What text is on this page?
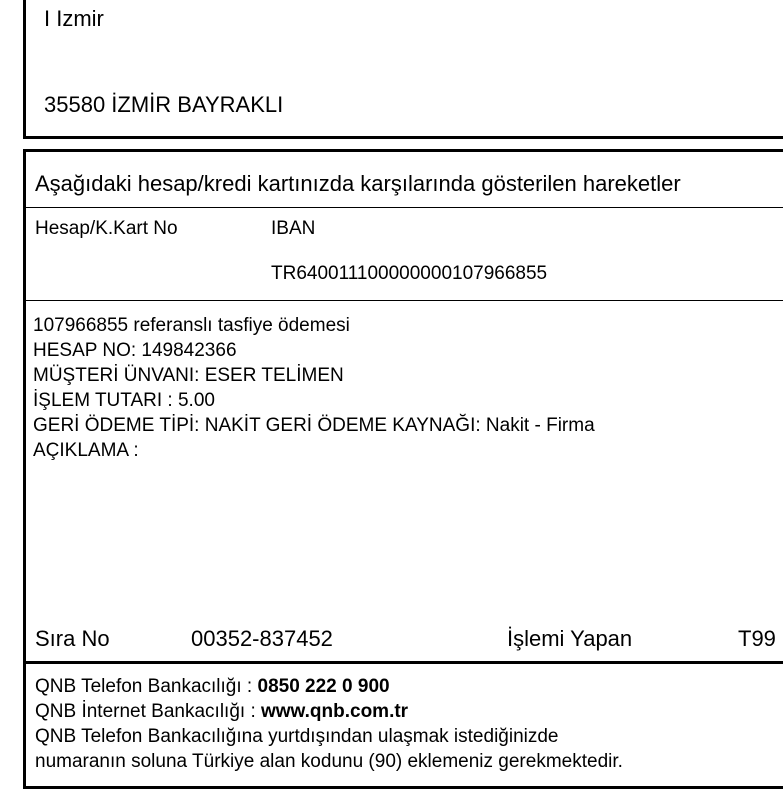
I Izmir
35580 İZMİR BAYRAKLI
Aşağıdaki hesap/kredi kartınızda karşılarında gösterilen hareketler
Hesap/K.Kart No	IBAN
TR640011100000000107966855
107966855 referanslı tasfiye ödemesi
HESAP NO: 149842366
MÜŞTERİ ÜNVANI: ESER TELİMEN
İŞLEM TUTARI : 5.00
GERİ ÖDEME TİPİ: NAKİT GERİ ÖDEME KAYNAĞI: Nakit - Firma
AÇIKLAMA :
Sıra No	00352-837452	İşlemi Yapan	T99
QNB Telefon Bankacılığı : 0850 222 0 900
QNB İnternet Bankacılığı : www.qnb.com.tr
QNB Telefon Bankacılığına yurtdışından ulaşmak istediğinizde
numaranın soluna Türkiye alan kodunu (90) eklemeniz gerekmektedir.
